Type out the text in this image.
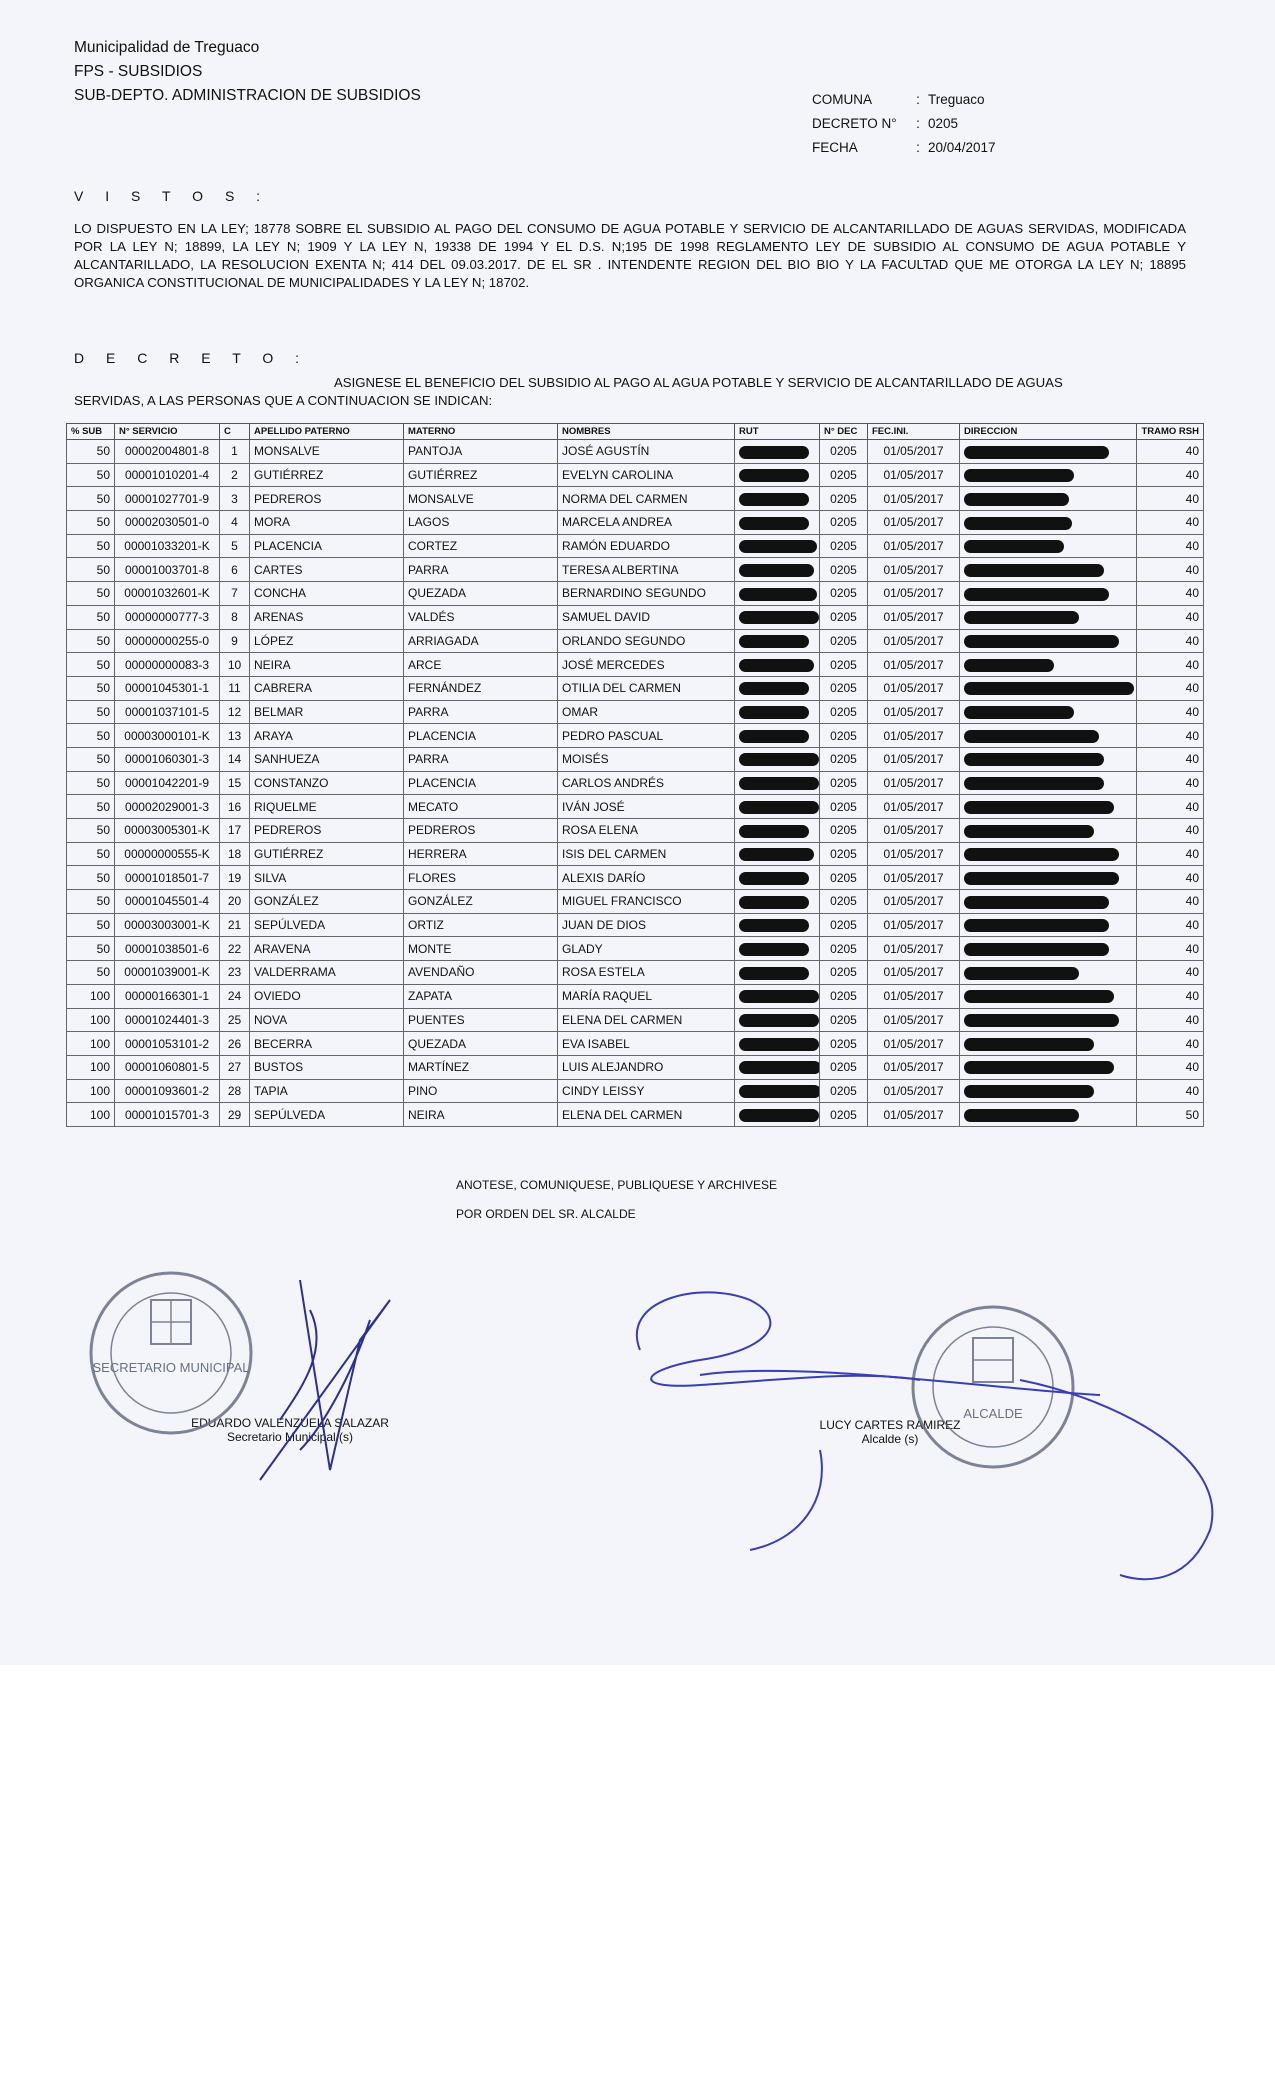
Municipalidad de Treguaco
FPS - SUBSIDIOS
SUB-DEPTO. ADMINISTRACION DE SUBSIDIOS	COMUNA	: Treguaco
DECRETO N°	: 0205
FECHA	: 20/04/2017
V I S T O S :
LO DISPUESTO EN LA LEY; 18778 SOBRE EL SUBSIDIO AL PAGO DEL CONSUMO DE AGUA POTABLE Y SERVICIO DE ALCANTARILLADO DE AGUAS SERVIDAS, MODIFICADA POR LA LEY N; 18899, LA LEY N; 1909 Y LA LEY N, 19338 DE 1994 Y EL D.S. N;195 DE 1998 REGLAMENTO LEY DE SUBSIDIO AL CONSUMO DE AGUA POTABLE Y ALCANTARILLADO, LA RESOLUCION EXENTA N; 414 DEL 09.03.2017. DE EL SR . INTENDENTE REGION DEL BIO BIO Y LA FACULTAD QUE ME OTORGA LA LEY N; 18895 ORGANICA CONSTITUCIONAL DE MUNICIPALIDADES Y LA LEY N; 18702.
D E C R E T O :
ASIGNESE EL BENEFICIO DEL SUBSIDIO AL PAGO AL AGUA POTABLE Y SERVICIO DE ALCANTARILLADO DE AGUAS
SERVIDAS, A LAS PERSONAS QUE A CONTINUACION SE INDICAN:
% SUB	N° SERVICIO	C	APELLIDO PATERNO	MATERNO	NOMBRES	RUT	N° DEC	FEC.INI.	DIRECCION	TRAMO RSH
50	00002004801-8	1	MONSALVE	PANTOJA	JOSÉ AGUSTÍN		0205	01/05/2017		40
50	00001010201-4	2	GUTIÉRREZ	GUTIÉRREZ	EVELYN CAROLINA		0205	01/05/2017		40
50	00001027701-9	3	PEDREROS	MONSALVE	NORMA DEL CARMEN		0205	01/05/2017		40
50	00002030501-0	4	MORA	LAGOS	MARCELA ANDREA		0205	01/05/2017		40
50	00001033201-K	5	PLACENCIA	CORTEZ	RAMÓN EDUARDO		0205	01/05/2017		40
50	00001003701-8	6	CARTES	PARRA	TERESA ALBERTINA		0205	01/05/2017		40
50	00001032601-K	7	CONCHA	QUEZADA	BERNARDINO SEGUNDO		0205	01/05/2017		40
50	00000000777-3	8	ARENAS	VALDÉS	SAMUEL DAVID		0205	01/05/2017		40
50	00000000255-0	9	LÓPEZ	ARRIAGADA	ORLANDO SEGUNDO		0205	01/05/2017		40
50	00000000083-3	10	NEIRA	ARCE	JOSÉ MERCEDES		0205	01/05/2017		40
50	00001045301-1	11	CABRERA	FERNÁNDEZ	OTILIA DEL CARMEN		0205	01/05/2017		40
50	00001037101-5	12	BELMAR	PARRA	OMAR		0205	01/05/2017		40
50	00003000101-K	13	ARAYA	PLACENCIA	PEDRO PASCUAL		0205	01/05/2017		40
50	00001060301-3	14	SANHUEZA	PARRA	MOISÉS		0205	01/05/2017		40
50	00001042201-9	15	CONSTANZO	PLACENCIA	CARLOS ANDRÉS		0205	01/05/2017		40
50	00002029001-3	16	RIQUELME	MECATO	IVÁN JOSÉ		0205	01/05/2017		40
50	00003005301-K	17	PEDREROS	PEDREROS	ROSA ELENA		0205	01/05/2017		40
50	00000000555-K	18	GUTIÉRREZ	HERRERA	ISIS DEL CARMEN		0205	01/05/2017		40
50	00001018501-7	19	SILVA	FLORES	ALEXIS DARÍO		0205	01/05/2017		40
50	00001045501-4	20	GONZÁLEZ	GONZÁLEZ	MIGUEL FRANCISCO		0205	01/05/2017		40
50	00003003001-K	21	SEPÚLVEDA	ORTIZ	JUAN DE DIOS		0205	01/05/2017		40
50	00001038501-6	22	ARAVENA	MONTE	GLADY		0205	01/05/2017		40
50	00001039001-K	23	VALDERRAMA	AVENDAÑO	ROSA ESTELA		0205	01/05/2017		40
100	00000166301-1	24	OVIEDO	ZAPATA	MARÍA RAQUEL		0205	01/05/2017		40
100	00001024401-3	25	NOVA	PUENTES	ELENA DEL CARMEN		0205	01/05/2017		40
100	00001053101-2	26	BECERRA	QUEZADA	EVA ISABEL		0205	01/05/2017		40
100	00001060801-5	27	BUSTOS	MARTÍNEZ	LUIS ALEJANDRO		0205	01/05/2017		40
100	00001093601-2	28	TAPIA	PINO	CINDY LEISSY		0205	01/05/2017		40
100	00001015701-3	29	SEPÚLVEDA	NEIRA	ELENA DEL CARMEN		0205	01/05/2017		50
ANOTESE, COMUNIQUESE, PUBLIQUESE Y ARCHIVESE
POR ORDEN DEL SR. ALCALDE
EDUARDO VALENZUELA SALAZAR
Secretario Municipal (s)
LUCY CARTES RAMIREZ
Alcalde (s)
SECRETARIO MUNICIPAL
ALCALDE
